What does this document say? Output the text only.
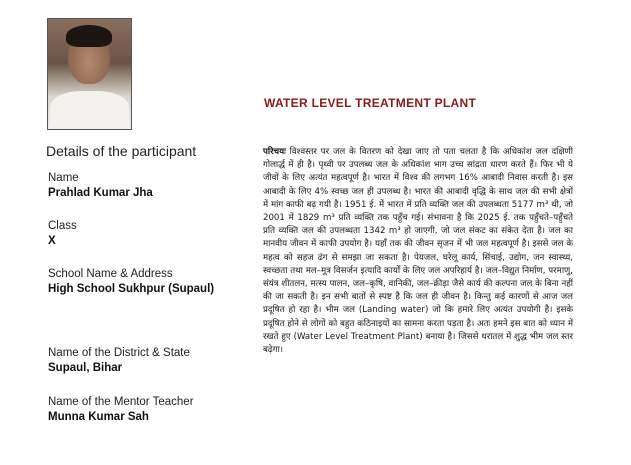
WATER LEVEL TREATMENT PLANT
Details of the participant
Name
Prahlad Kumar Jha
Class
X
School Name & Address
High School Sukhpur (Supaul)
Name of the District & State
Supaul, Bihar
Name of the Mentor Teacher
Munna Kumar Sah
परिचयः विश्वस्तर पर जल के वितरण को देखा जाए तो पता चलता है कि अधिकांश जल दक्षिणी गोलार्द्ध में ही है। पृथ्वी पर उपलब्ध जल के अधिकांश भाग उच्च सांद्रता धारण करते हैं। फिर भी ये जीवों के लिए अत्यंत महत्वपूर्ण है। भारत में विश्व की लगभग 16% आबादी निवास करती है। इस आबादी के लिए 4% स्वच्छ जल ही उपलब्ध है। भारत की आबादी वृद्धि के साथ जल की सभी क्षेत्रों में मांग काफी बढ़ गयी है। 1951 ई. में भारत में प्रति व्यक्ति जल की उपलब्धता 5177 m³ थी, जो 2001 में 1829 m³ प्रति व्यक्ति तक पहुँच गई। संभावना है कि 2025 ई. तक पहुँचते–पहुँचते प्रति व्यक्ति जल की उपलब्धता 1342 m³ हो जाएगी, जो जल संकट का संकेत देता है। जल का मानवीय जीवन में काफी उपयोग है। यहाँ तक की जीवन सृजन में भी जल महत्वपूर्ण है। इससे जल के महत्व को सहज ढंग से समझा जा सकता है। पेयजल, घरेलू कार्य, सिंचाई, उद्योग, जन स्वास्थ्य, स्वच्छता तथा मल–मूत्र विसर्जन इत्यादि कार्यों के लिए जल अपरिहार्य है। जल–विद्युत निर्माण, परमाणु, संयंत्र शीतलन, मत्स्य पालन, जल–कृषि, वानिकी, जल–क्रीड़ा जैसे कार्य की कल्पना जल के बिना नहीं की जा सकती है। इन सभी बातों से स्पष्ट है कि जल ही जीवन है। किन्तु कई कारणों से आज जल प्रदूषित हो रहा है। भीम जल (Landing water) जो कि हमारे लिए अत्यंत उपयोगी है। इसके प्रदूषित होने से लोगों को बहुत कठिनाइयों का सामना करता पड़ता है। अतः हमने इस बात को ध्यान में रखते हुए (Water Level Treatment Plant) बनाया है। जिससे धरातल में शुद्ध भीम जल स्तर बढ़ेगा।
